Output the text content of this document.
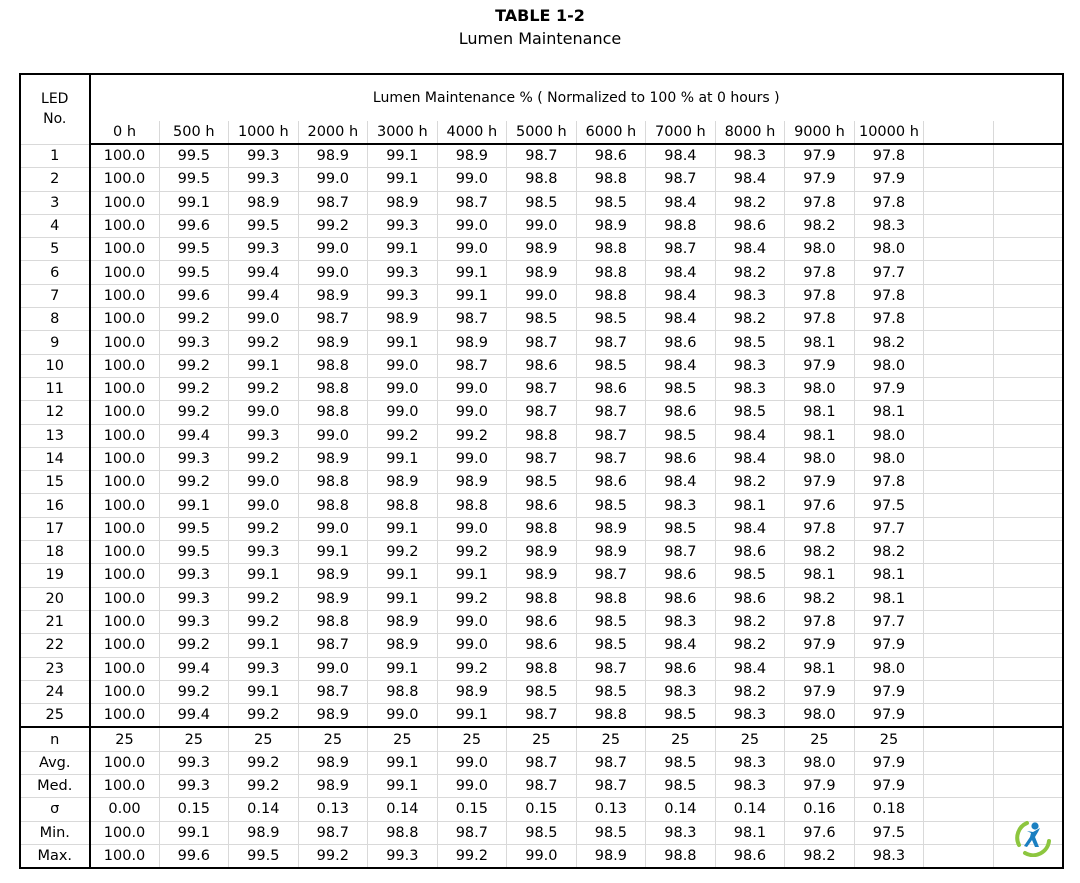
TABLE 1-2
Lumen Maintenance
LED
No.	Lumen Maintenance % ( Normalized to 100 % at 0 hours )													
	0 h	500 h	1000 h	2000 h	3000 h	4000 h	5000 h	6000 h	7000 h	8000 h	9000 h	10000 h		
1	100.0	99.5	99.3	98.9	99.1	98.9	98.7	98.6	98.4	98.3	97.9	97.8		
2	100.0	99.5	99.3	99.0	99.1	99.0	98.8	98.8	98.7	98.4	97.9	97.9		
3	100.0	99.1	98.9	98.7	98.9	98.7	98.5	98.5	98.4	98.2	97.8	97.8		
4	100.0	99.6	99.5	99.2	99.3	99.0	99.0	98.9	98.8	98.6	98.2	98.3		
5	100.0	99.5	99.3	99.0	99.1	99.0	98.9	98.8	98.7	98.4	98.0	98.0		
6	100.0	99.5	99.4	99.0	99.3	99.1	98.9	98.8	98.4	98.2	97.8	97.7		
7	100.0	99.6	99.4	98.9	99.3	99.1	99.0	98.8	98.4	98.3	97.8	97.8		
8	100.0	99.2	99.0	98.7	98.9	98.7	98.5	98.5	98.4	98.2	97.8	97.8		
9	100.0	99.3	99.2	98.9	99.1	98.9	98.7	98.7	98.6	98.5	98.1	98.2		
10	100.0	99.2	99.1	98.8	99.0	98.7	98.6	98.5	98.4	98.3	97.9	98.0		
11	100.0	99.2	99.2	98.8	99.0	99.0	98.7	98.6	98.5	98.3	98.0	97.9		
12	100.0	99.2	99.0	98.8	99.0	99.0	98.7	98.7	98.6	98.5	98.1	98.1		
13	100.0	99.4	99.3	99.0	99.2	99.2	98.8	98.7	98.5	98.4	98.1	98.0		
14	100.0	99.3	99.2	98.9	99.1	99.0	98.7	98.7	98.6	98.4	98.0	98.0		
15	100.0	99.2	99.0	98.8	98.9	98.9	98.5	98.6	98.4	98.2	97.9	97.8		
16	100.0	99.1	99.0	98.8	98.8	98.8	98.6	98.5	98.3	98.1	97.6	97.5		
17	100.0	99.5	99.2	99.0	99.1	99.0	98.8	98.9	98.5	98.4	97.8	97.7		
18	100.0	99.5	99.3	99.1	99.2	99.2	98.9	98.9	98.7	98.6	98.2	98.2		
19	100.0	99.3	99.1	98.9	99.1	99.1	98.9	98.7	98.6	98.5	98.1	98.1		
20	100.0	99.3	99.2	98.9	99.1	99.2	98.8	98.8	98.6	98.6	98.2	98.1		
21	100.0	99.3	99.2	98.8	98.9	99.0	98.6	98.5	98.3	98.2	97.8	97.7		
22	100.0	99.2	99.1	98.7	98.9	99.0	98.6	98.5	98.4	98.2	97.9	97.9		
23	100.0	99.4	99.3	99.0	99.1	99.2	98.8	98.7	98.6	98.4	98.1	98.0		
24	100.0	99.2	99.1	98.7	98.8	98.9	98.5	98.5	98.3	98.2	97.9	97.9		
25	100.0	99.4	99.2	98.9	99.0	99.1	98.7	98.8	98.5	98.3	98.0	97.9		
n	25	25	25	25	25	25	25	25	25	25	25	25		
Avg.	100.0	99.3	99.2	98.9	99.1	99.0	98.7	98.7	98.5	98.3	98.0	97.9		
Med.	100.0	99.3	99.2	98.9	99.1	99.0	98.7	98.7	98.5	98.3	97.9	97.9		
σ	0.00	0.15	0.14	0.13	0.14	0.15	0.15	0.13	0.14	0.14	0.16	0.18		
Min.	100.0	99.1	98.9	98.7	98.8	98.7	98.5	98.5	98.3	98.1	97.6	97.5		
Max.	100.0	99.6	99.5	99.2	99.3	99.2	99.0	98.9	98.8	98.6	98.2	98.3		
